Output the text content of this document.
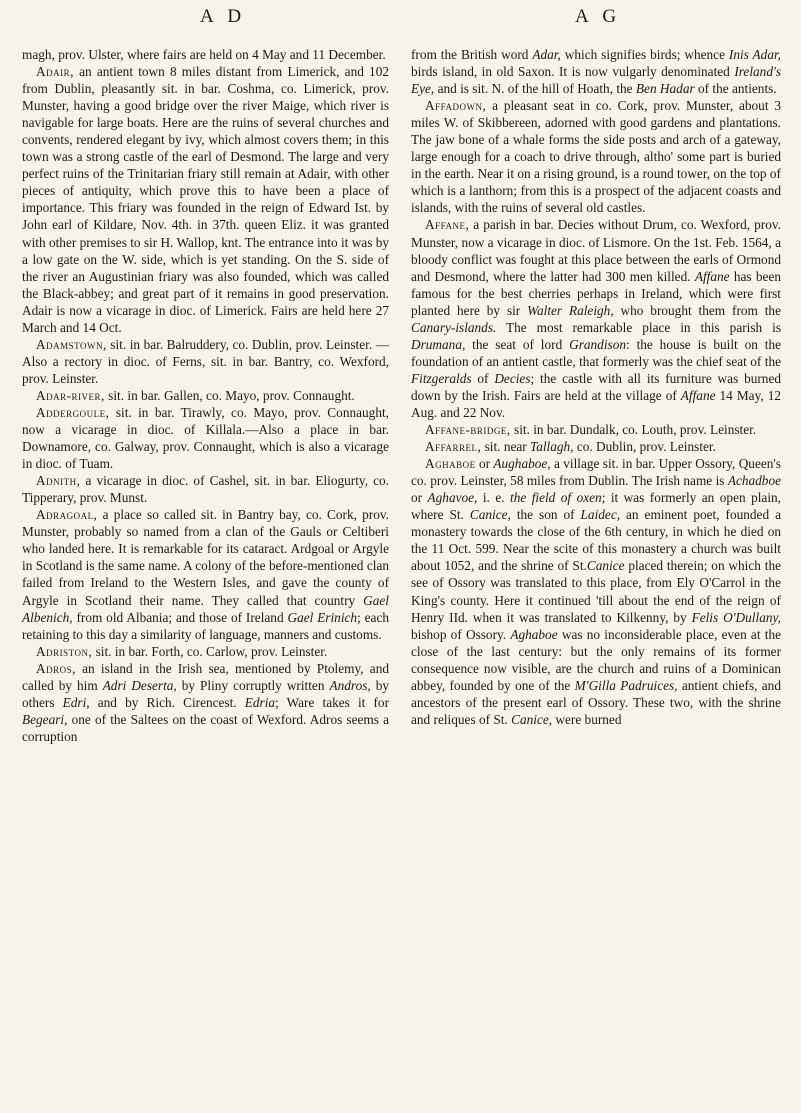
A D	A G

magh, prov. Ulster, where fairs are held on 4 May and 11 December.

Adair, an antient town 8 miles distant from Limerick, and 102 from Dublin, pleasantly sit. in bar. Coshma, co. Limerick, prov. Munster, having a good bridge over the river Maige, which river is navigable for large boats. Here are the ruins of several churches and convents, rendered elegant by ivy, which almost covers them; in this town was a strong castle of the earl of Desmond. The large and very perfect ruins of the Trinitarian friary still remain at Adair, with other pieces of antiquity, which prove this to have been a place of importance. This friary was founded in the reign of Edward Ist. by John earl of Kildare, Nov. 4th. in 37th. queen Eliz. it was granted with other premises to sir H. Wallop, knt. The entrance into it was by a low gate on the W. side, which is yet standing. On the S. side of the river an Augustinian friary was also founded, which was called the Black-abbey; and great part of it remains in good preservation. Adair is now a vicarage in dioc. of Limerick. Fairs are held here 27 March and 14 Oct.

Adamstown, sit. in bar. Balruddery, co. Dublin, prov. Leinster. — Also a rectory in dioc. of Ferns, sit. in bar. Bantry, co. Wexford, prov. Leinster.

Adar-river, sit. in bar. Gallen, co. Mayo, prov. Connaught.

Addergoule, sit. in bar. Tirawly, co. Mayo, prov. Connaught, now a vicarage in dioc. of Killala.—Also a place in bar. Downamore, co. Galway, prov. Connaught, which is also a vicarage in dioc. of Tuam.

Adnith, a vicarage in dioc. of Cashel, sit. in bar. Eliogurty, co. Tipperary, prov. Munst.

Adragoal, a place so called sit. in Bantry bay, co. Cork, prov. Munster, probably so named from a clan of the Gauls or Celtiberi who landed here. It is remarkable for its cataract. Ardgoal or Argyle in Scotland is the same name. A colony of the before-mentioned clan failed from Ireland to the Western Isles, and gave the county of Argyle in Scotland their name. They called that country Gael Albenich, from old Albania; and those of Ireland Gael Erinich; each retaining to this day a similarity of language, manners and customs.

Adriston, sit. in bar. Forth, co. Carlow, prov. Leinster.

Adros, an island in the Irish sea, mentioned by Ptolemy, and called by him Adri Deserta, by Pliny corruptly written Andros, by others Edri, and by Rich. Cirencest. Edria; Ware takes it for Begeari, one of the Saltees on the coast of Wexford. Adros seems a corruption

from the British word Adar, which signifies birds; whence Inis Adar, birds island, in old Saxon. It is now vulgarly denominated Ireland's Eye, and is sit. N. of the hill of Hoath, the Ben Hadar of the antients.

Affadown, a pleasant seat in co. Cork, prov. Munster, about 3 miles W. of Skibbereen, adorned with good gardens and plantations. The jaw bone of a whale forms the side posts and arch of a gateway, large enough for a coach to drive through, altho' some part is buried in the earth. Near it on a rising ground, is a round tower, on the top of which is a lanthorn; from this is a prospect of the adjacent coasts and islands, with the ruins of several old castles.

Affane, a parish in bar. Decies without Drum, co. Wexford, prov. Munster, now a vicarage in dioc. of Lismore. On the 1st. Feb. 1564, a bloody conflict was fought at this place between the earls of Ormond and Desmond, where the latter had 300 men killed. Affane has been famous for the best cherries perhaps in Ireland, which were first planted here by sir Walter Raleigh, who brought them from the Canary-islands. The most remarkable place in this parish is Drumana, the seat of lord Grandison: the house is built on the foundation of an antient castle, that formerly was the chief seat of the Fitzgeralds of Decies; the castle with all its furniture was burned down by the Irish. Fairs are held at the village of Affane 14 May, 12 Aug. and 22 Nov.

Affane-bridge, sit. in bar. Dundalk, co. Louth, prov. Leinster.

Affarrel, sit. near Tallagh, co. Dublin, prov. Leinster.

Aghaboe or Aughaboe, a village sit. in bar. Upper Ossory, Queen's co. prov. Leinster, 58 miles from Dublin. The Irish name is Achadboe or Aghavoe, i. e. the field of oxen; it was formerly an open plain, where St. Canice, the son of Laidec, an eminent poet, founded a monastery towards the close of the 6th century, in which he died on the 11 Oct. 599. Near the scite of this monastery a church was built about 1052, and the shrine of St.Canice placed therein; on which the see of Ossory was translated to this place, from Ely O'Carrol in the King's county. Here it continued 'till about the end of the reign of Henry IId. when it was translated to Kilkenny, by Felis O'Dullany, bishop of Ossory. Aghaboe was no inconsiderable place, even at the close of the last century: but the only remains of its former consequence now visible, are the church and ruins of a Dominican abbey, founded by one of the M'Gilla Padruices, antient chiefs, and ancestors of the present earl of Ossory. These two, with the shrine and reliques of St. Canice, were burned
